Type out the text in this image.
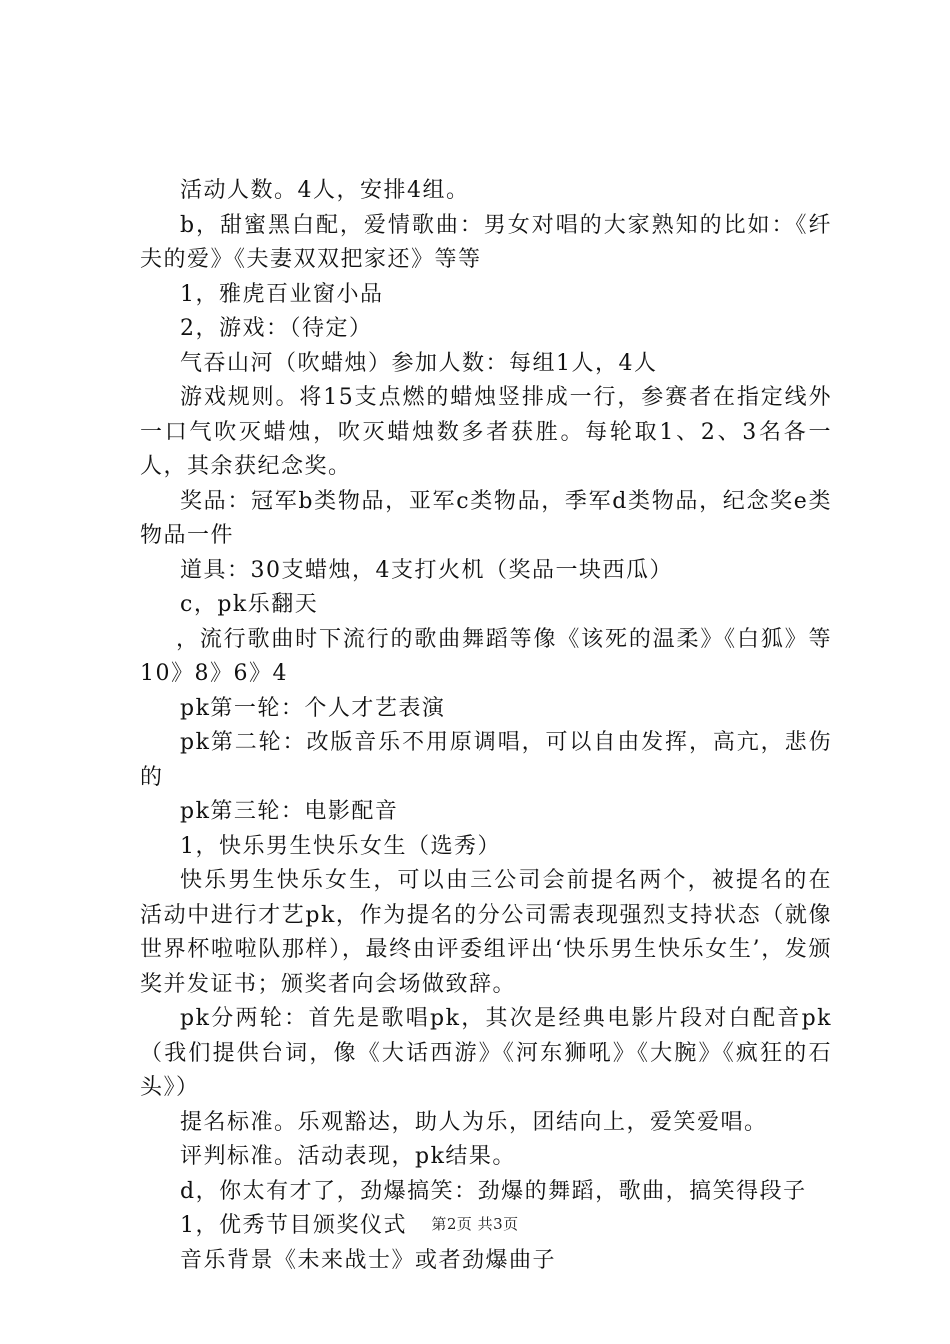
活动人数。4人，安排4组。

b，甜蜜黑白配，爱情歌曲：男女对唱的大家熟知的比如：《纤夫的爱》《夫妻双双把家还》等等

1，雅虎百业窗小品

2，游戏：（待定）

气吞山河（吹蜡烛）参加人数：每组1人，4人

游戏规则。将15支点燃的蜡烛竖排成一行，参赛者在指定线外一口气吹灭蜡烛，吹灭蜡烛数多者获胜。每轮取1、2、3名各一人，其余获纪念奖。

奖品：冠军b类物品，亚军c类物品，季军d类物品，纪念奖e类物品一件

道具：30支蜡烛，4支打火机（奖品一块西瓜）

c，pk乐翻天

，流行歌曲时下流行的歌曲舞蹈等像《该死的温柔》《白狐》等10》8》6》4

pk第一轮：个人才艺表演

pk第二轮：改版音乐不用原调唱，可以自由发挥，高亢，悲伤的

pk第三轮：电影配音

1，快乐男生快乐女生（选秀）

快乐男生快乐女生，可以由三公司会前提名两个，被提名的在活动中进行才艺pk，作为提名的分公司需表现强烈支持状态（就像世界杯啦啦队那样），最终由评委组评出‘快乐男生快乐女生’，发颁奖并发证书；颁奖者向会场做致辞。

pk分两轮：首先是歌唱pk，其次是经典电影片段对白配音pk（我们提供台词，像《大话西游》《河东狮吼》《大腕》《疯狂的石头》）

提名标准。乐观豁达，助人为乐，团结向上，爱笑爱唱。

评判标准。活动表现，pk结果。

d，你太有才了，劲爆搞笑：劲爆的舞蹈，歌曲，搞笑得段子

1，优秀节目颁奖仪式

音乐背景《未来战士》或者劲爆曲子

第2页 共3页
